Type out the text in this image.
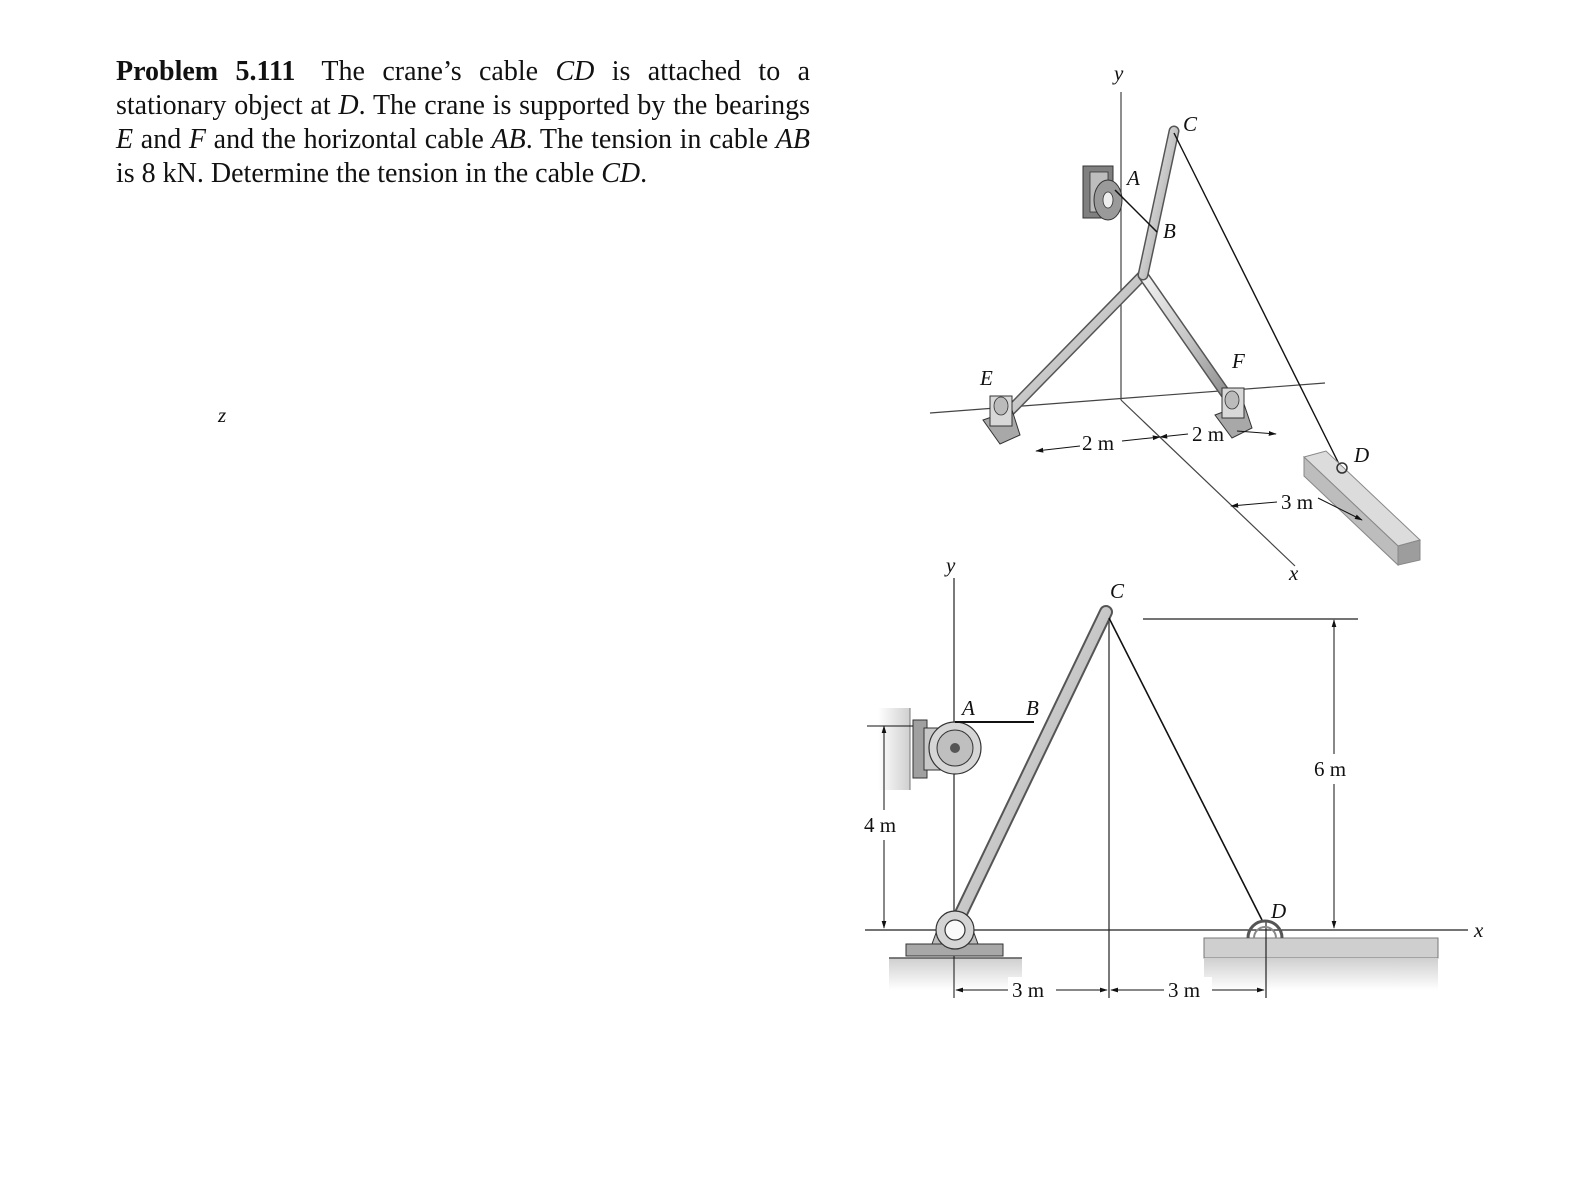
Problem 5.111 The crane’s cable CD is attached to a stationary object at D. The crane is supported by the bearings E and F and the horizontal cable AB. The tension in cable AB is 8 kN. Determine the tension in the cable CD.
y
z
x
C
A
B
E
F
D
2 m	2 m
3 m
y
x
C
A B
D
4 m
6 m
3 m	3 m
